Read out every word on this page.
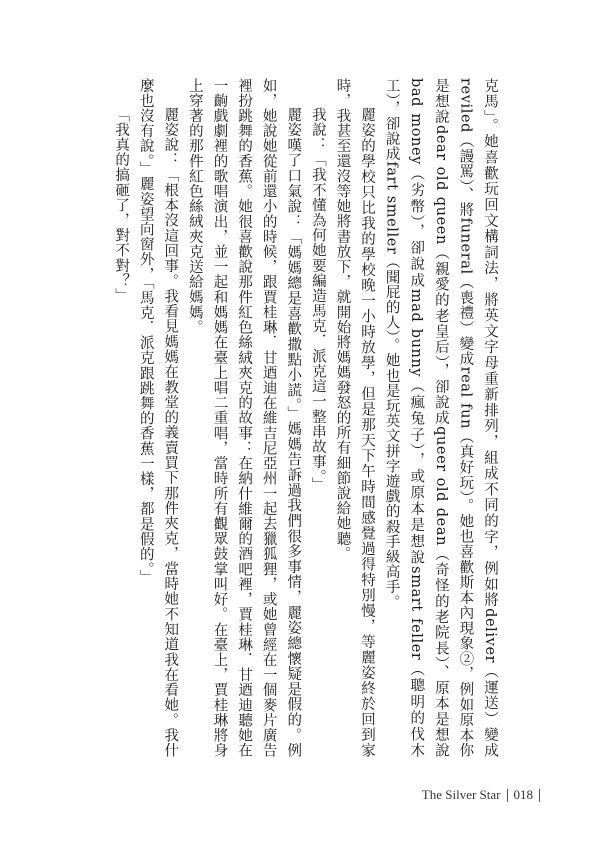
克馬」。她喜歡玩回文構詞法，將英文字母重新排列，組成不同的字，例如將deliver（運送）變成reviled（謾罵）、將funeral（喪禮）變成real fun（真好玩）。她也喜歡斯本內現象②，例如原本你是想說dear old queen（親愛的老皇后），卻說成queer old dean（奇怪的老院長）、原本是想說bad money（劣幣），卻說成mad bunny（瘋兔子），或原本是想說smart feller（聰明的伐木工），卻說成fart smeller（聞屁的人）。她也是玩英文拼字遊戲的殺手級高手。

麗姿的學校只比我的學校晚一小時放學，但是那天下午時間感覺過得特別慢，等麗姿終於回到家時，我甚至還沒等她將書放下，就開始將媽媽發怒的所有細節說給她聽。

我說：「我不懂為何她要編造馬克．派克這一整串故事。」

麗姿嘆了口氣說：「媽媽總是喜歡撒點小謊。」媽媽告訴過我們很多事情，麗姿總懷疑是假的。例如，她說她從前還小的時候，跟賈桂琳．甘迺迪在維吉尼亞州一起去獵狐狸，或她曾經在一個麥片廣告裡扮跳舞的香蕉。她很喜歡說那件紅色絲絨夾克的故事：在納什維爾的酒吧裡，賈桂琳．甘迺迪聽她在一齣戲劇裡的歌唱演出，並一起和媽媽在臺上唱二重唱，當時所有觀眾鼓掌叫好。在臺上，賈桂琳將身上穿著的那件紅色絲絨夾克送給媽媽。

麗姿說：「根本沒這回事。我看見媽媽在教堂的義賣買下那件夾克，當時她不知道我在看她。我什麼也沒有說。」麗姿望向窗外，「馬克．派克跟跳舞的香蕉一樣，都是假的。」

「我真的搞砸了，對不對？」

The Silver Star 018
